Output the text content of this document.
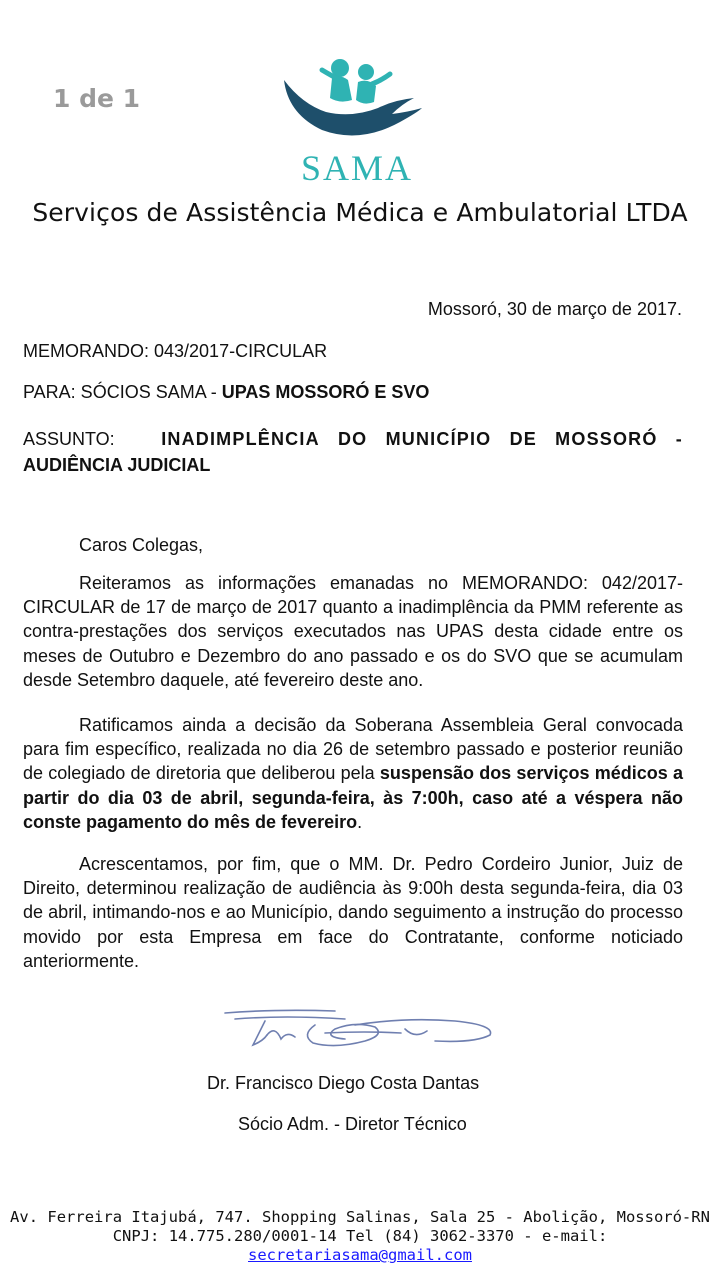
1 de 1
SAMA
Serviços de Assistência Médica e Ambulatorial LTDA
Mossoró, 30 de março de 2017.
MEMORANDO: 043/2017-CIRCULAR
PARA: SÓCIOS SAMA - UPAS MOSSORÓ E SVO
ASSUNTO:	INADIMPLÊNCIA DO MUNICÍPIO DE MOSSORÓ -
AUDIÊNCIA JUDICIAL
Caros Colegas,

Reiteramos as informações emanadas no MEMORANDO: 042/2017-CIRCULAR de 17 de março de 2017 quanto a inadimplência da PMM referente as contra-prestações dos serviços executados nas UPAS desta cidade entre os meses de Outubro e Dezembro do ano passado e os do SVO que se acumulam desde Setembro daquele, até fevereiro deste ano.

Ratificamos ainda a decisão da Soberana Assembleia Geral convocada para fim específico, realizada no dia 26 de setembro passado e posterior reunião de colegiado de diretoria que deliberou pela suspensão dos serviços médicos a partir do dia 03 de abril, segunda-feira, às 7:00h, caso até a véspera não conste pagamento do mês de fevereiro.

Acrescentamos, por fim, que o MM. Dr. Pedro Cordeiro Junior, Juiz de Direito, determinou realização de audiência às 9:00h desta segunda-feira, dia 03 de abril, intimando-nos e ao Município, dando seguimento a instrução do processo movido por esta Empresa em face do Contratante, conforme noticiado anteriormente.

Dr. Francisco Diego Costa Dantas
Sócio Adm. - Diretor Técnico
Av. Ferreira Itajubá, 747. Shopping Salinas, Sala 25 - Abolição, Mossoró-RN
CNPJ: 14.775.280/0001-14 Tel (84) 3062-3370 - e-mail: secretariasama@gmail.com
